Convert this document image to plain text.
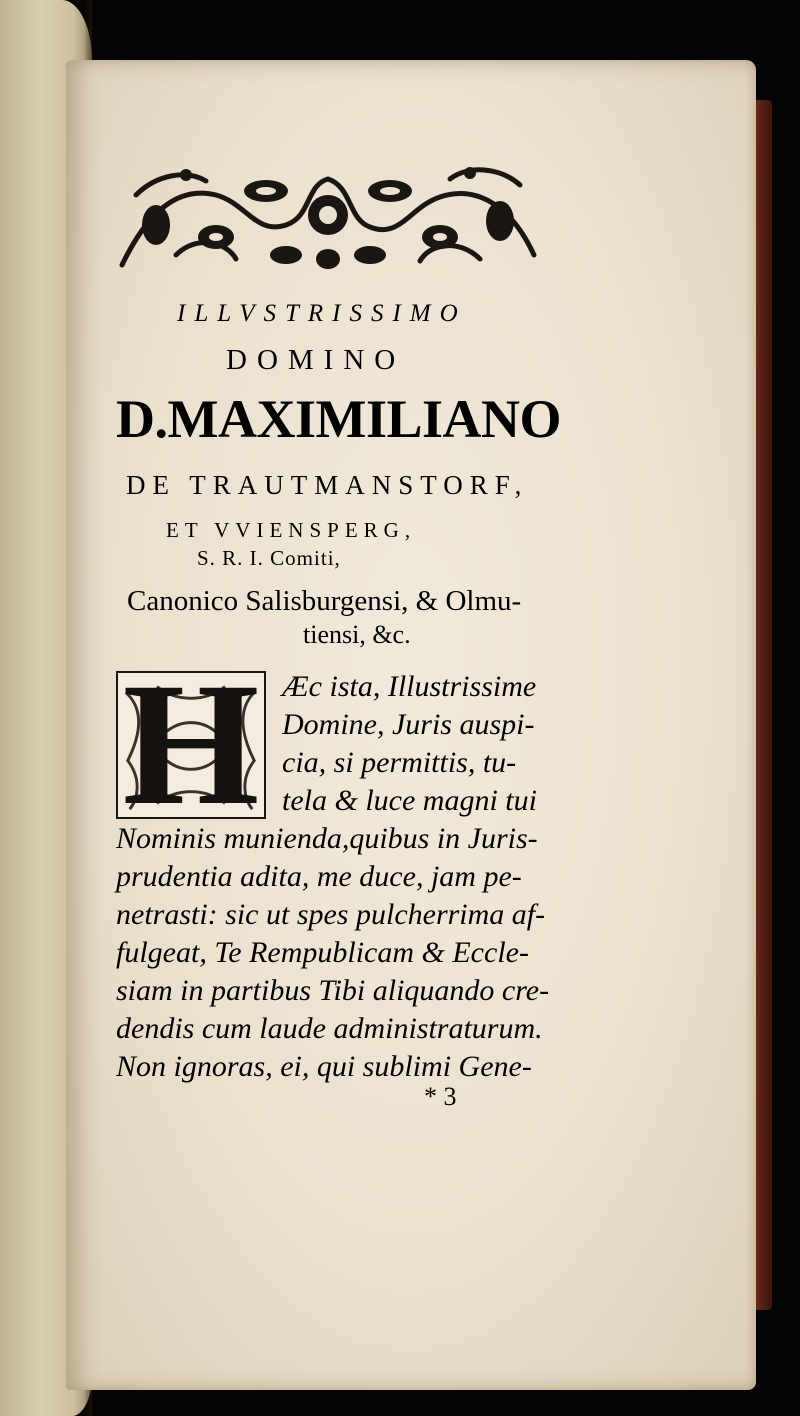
ILLVSTRISSIMO
DOMINO
D.MAXIMILIANO
DE TRAUTMANSTORF,
ET VVIENSPERG,
S. R. I. Comiti,
Canonico Salisburgensi, & Olmu-
tiensi, &c.
H Æc ista, Illustrissime
Domine, Juris auspi-
cia, si permittis, tu-
tela & luce magni tui
Nominis munienda,quibus in Juris-
prudentia adita, me duce, jam pe-
netrasti: sic ut spes pulcherrima af-
fulgeat, Te Rempublicam & Eccle-
siam in partibus Tibi aliquando cre-
dendis cum laude administraturum.
Non ignoras, ei, qui sublimi Gene-
* 3
